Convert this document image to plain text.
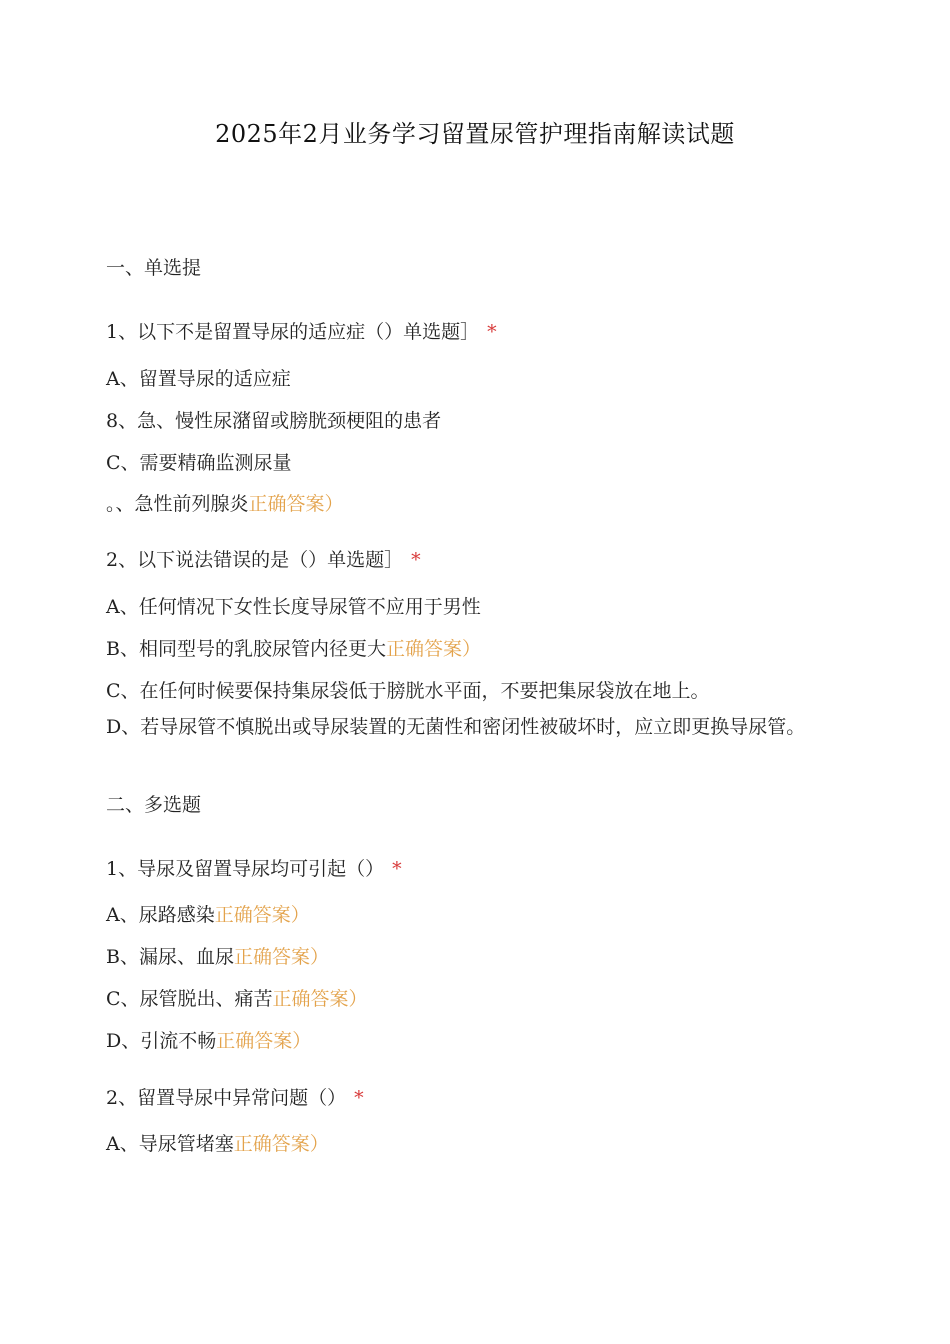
2025年2月业务学习留置尿管护理指南解读试题
一、单选提
1、以下不是留置导尿的适应症（）单选题］ *
A、留置导尿的适应症
8、急、慢性尿潴留或膀胱颈梗阻的患者
C、需要精确监测尿量
。、急性前列腺炎正确答案）
2、以下说法错误的是（）单选题］ *
A、任何情况下女性长度导尿管不应用于男性
B、相同型号的乳胶尿管内径更大正确答案）
C、在任何时候要保持集尿袋低于膀胱水平面，不要把集尿袋放在地上。
D、若导尿管不慎脱出或导尿装置的无菌性和密闭性被破坏时，应立即更换导尿管。
二、多选题
1、导尿及留置导尿均可引起（） *
A、尿路感染正确答案）
B、漏尿、血尿正确答案）
C、尿管脱出、痛苦正确答案）
D、引流不畅正确答案）
2、留置导尿中异常问题（） *
A、导尿管堵塞正确答案）
